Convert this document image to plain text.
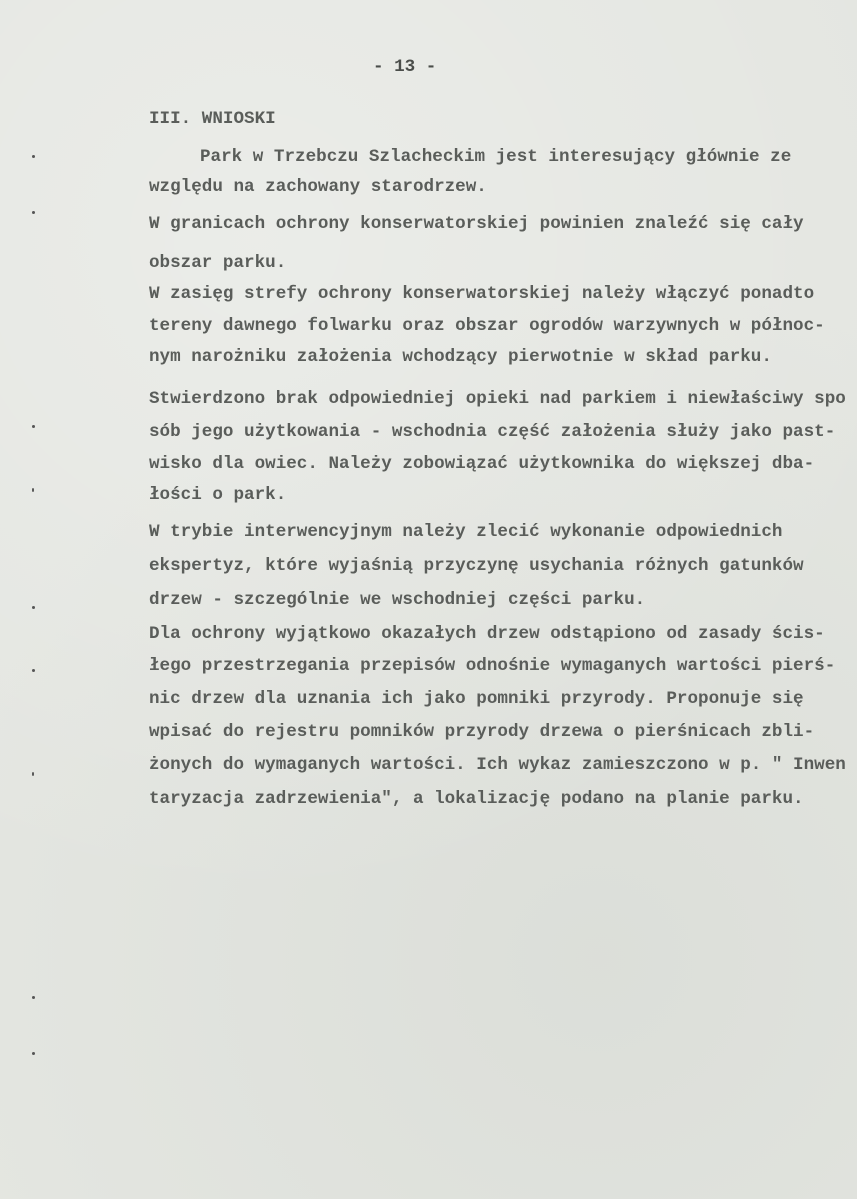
- 13 -
III. WNIOSKI
Park w Trzebczu Szlacheckim jest interesujący głównie ze
względu na zachowany starodrzew.
W granicach ochrony konserwatorskiej powinien znaleźć się cały
obszar parku.
W zasięg strefy ochrony konserwatorskiej należy włączyć ponadto
tereny dawnego folwarku oraz obszar ogrodów warzywnych w północ-
nym narożniku założenia wchodzący pierwotnie w skład parku.
Stwierdzono brak odpowiedniej opieki nad parkiem i niewłaściwy spo
sób jego użytkowania - wschodnia część założenia służy jako past-
wisko dla owiec. Należy zobowiązać użytkownika do większej dba-
łości o park.
W trybie interwencyjnym należy zlecić wykonanie odpowiednich
ekspertyz, które wyjaśnią przyczynę usychania różnych gatunków
drzew - szczególnie we wschodniej części parku.
Dla ochrony wyjątkowo okazałych drzew odstąpiono od zasady ścis-
łego przestrzegania przepisów odnośnie wymaganych wartości pierś-
nic drzew dla uznania ich jako pomniki przyrody. Proponuje się
wpisać do rejestru pomników przyrody drzewa o pierśnicach zbli-
żonych do wymaganych wartości. Ich wykaz zamieszczono w p. " Inwen
taryzacja zadrzewienia", a lokalizację podano na planie parku.
